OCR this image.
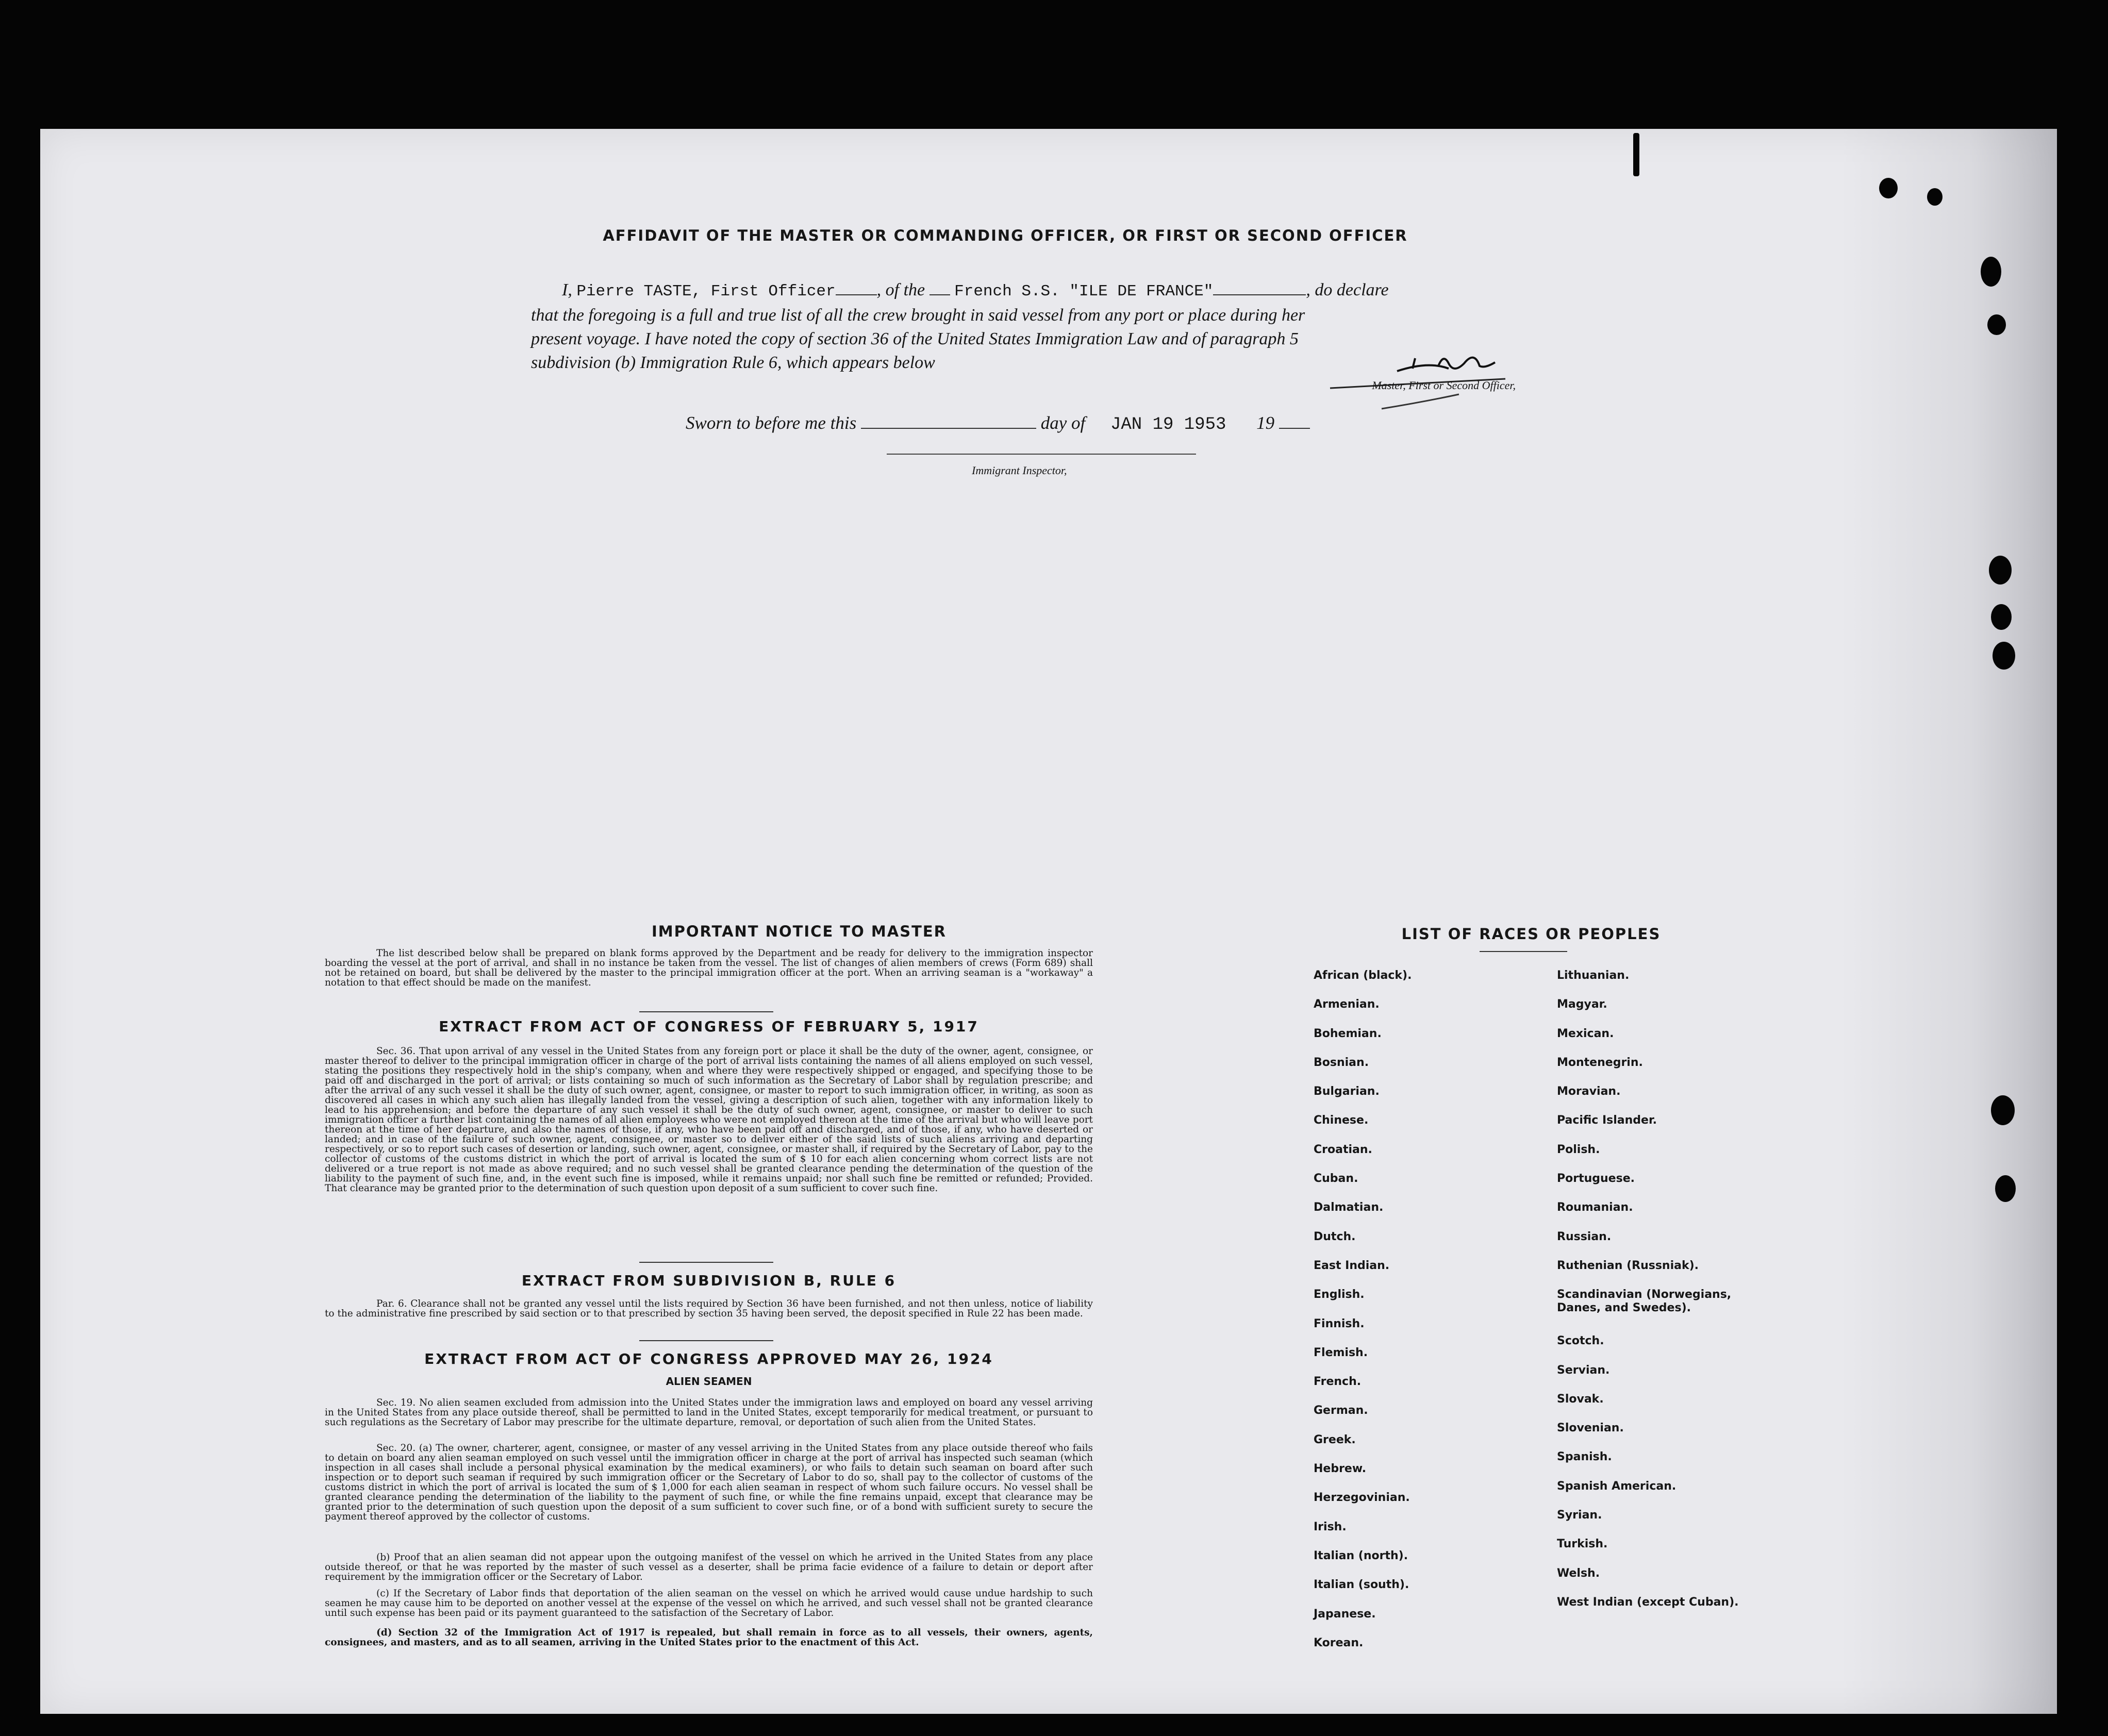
AFFIDAVIT OF THE MASTER OR COMMANDING OFFICER, OR FIRST OR SECOND OFFICER
I, Pierre TASTE, First Officer , of the French S.S. "ILE DE FRANCE"	, do declare
that the foregoing is a full and true list of all the crew brought in said vessel from any port or place during her
present voyage. I have noted the copy of section 36 of the United States Immigration Law and of paragraph 5
subdivision (b) Immigration Rule 6, which appears below
Master, First or Second Officer,
Sworn to before me this	day of JAN 19 1953 19
Immigrant Inspector,
IMPORTANT NOTICE TO MASTER
The list described below shall be prepared on blank forms approved by the Department and be ready for delivery to the immigration inspector boarding the vessel at the port of arrival, and shall in no instance be taken from the vessel. The list of changes of alien members of crews (Form 689) shall not be retained on board, but shall be delivered by the master to the principal immigration officer at the port. When an arriving seaman is a "workaway" a notation to that effect should be made on the manifest.
EXTRACT FROM ACT OF CONGRESS OF FEBRUARY 5, 1917
Sec. 36. That upon arrival of any vessel in the United States from any foreign port or place it shall be the duty of the owner, agent, consignee, or master thereof to deliver to the principal immigration officer in charge of the port of arrival lists containing the names of all aliens employed on such vessel, stating the positions they respectively hold in the ship's company, when and where they were respectively shipped or engaged, and specifying those to be paid off and discharged in the port of arrival; or lists containing so much of such information as the Secretary of Labor shall by regulation prescribe; and after the arrival of any such vessel it shall be the duty of such owner, agent, consignee, or master to report to such immigration officer, in writing, as soon as discovered all cases in which any such alien has illegally landed from the vessel, giving a description of such alien, together with any information likely to lead to his apprehension; and before the departure of any such vessel it shall be the duty of such owner, agent, consignee, or master to deliver to such immigration officer a further list containing the names of all alien employees who were not employed thereon at the time of the arrival but who will leave port thereon at the time of her departure, and also the names of those, if any, who have been paid off and discharged, and of those, if any, who have deserted or landed; and in case of the failure of such owner, agent, consignee, or master so to deliver either of the said lists of such aliens arriving and departing respectively, or so to report such cases of desertion or landing, such owner, agent, consignee, or master shall, if required by the Secretary of Labor, pay to the collector of customs of the customs district in which the port of arrival is located the sum of $ 10 for each alien concerning whom correct lists are not delivered or a true report is not made as above required; and no such vessel shall be granted clearance pending the determination of the question of the liability to the payment of such fine, and, in the event such fine is imposed, while it remains unpaid; nor shall such fine be remitted or refunded; Provided. That clearance may be granted prior to the determination of such question upon deposit of a sum sufficient to cover such fine.
EXTRACT FROM SUBDIVISION B, RULE 6
Par. 6. Clearance shall not be granted any vessel until the lists required by Section 36 have been furnished, and not then unless, notice of liability to the administrative fine prescribed by said section or to that prescribed by section 35 having been served, the deposit specified in Rule 22 has been made.
EXTRACT FROM ACT OF CONGRESS APPROVED MAY 26, 1924
ALIEN SEAMEN
Sec. 19. No alien seamen excluded from admission into the United States under the immigration laws and employed on board any vessel arriving in the United States from any place outside thereof, shall be permitted to land in the United States, except temporarily for medical treatment, or pursuant to such regulations as the Secretary of Labor may prescribe for the ultimate departure, removal, or deportation of such alien from the United States.
Sec. 20. (a) The owner, charterer, agent, consignee, or master of any vessel arriving in the United States from any place outside thereof who fails to detain on board any alien seaman employed on such vessel until the immigration officer in charge at the port of arrival has inspected such seaman (which inspection in all cases shall include a personal physical examination by the medical examiners), or who fails to detain such seaman on board after such inspection or to deport such seaman if required by such immigration officer or the Secretary of Labor to do so, shall pay to the collector of customs of the customs district in which the port of arrival is located the sum of $ 1,000 for each alien seaman in respect of whom such failure occurs. No vessel shall be granted clearance pending the determination of the liability to the payment of such fine, or while the fine remains unpaid, except that clearance may be granted prior to the determination of such question upon the deposit of a sum sufficient to cover such fine, or of a bond with sufficient surety to secure the payment thereof approved by the collector of customs.
(b) Proof that an alien seaman did not appear upon the outgoing manifest of the vessel on which he arrived in the United States from any place outside thereof, or that he was reported by the master of such vessel as a deserter, shall be prima facie evidence of a failure to detain or deport after requirement by the immigration officer or the Secretary of Labor.
(c) If the Secretary of Labor finds that deportation of the alien seaman on the vessel on which he arrived would cause undue hardship to such seamen he may cause him to be deported on another vessel at the expense of the vessel on which he arrived, and such vessel shall not be granted clearance until such expense has been paid or its payment guaranteed to the satisfaction of the Secretary of Labor.
(d) Section 32 of the Immigration Act of 1917 is repealed, but shall remain in force as to all vessels, their owners, agents, consignees, and masters, and as to all seamen, arriving in the United States prior to the enactment of this Act.
LIST OF RACES OR PEOPLES
African (black).
Armenian.
Bohemian.
Bosnian.
Bulgarian.
Chinese.
Croatian.
Cuban.
Dalmatian.
Dutch.
East Indian.
English.
Finnish.
Flemish.
French.
German.
Greek.
Hebrew.
Herzegovinian.
Irish.
Italian (north).
Italian (south).
Japanese.
Korean.
Lithuanian.
Magyar.
Mexican.
Montenegrin.
Moravian.
Pacific Islander.
Polish.
Portuguese.
Roumanian.
Russian.
Ruthenian (Russniak).
Scandinavian (Norwegians, Danes, and Swedes).
Scotch.
Servian.
Slovak.
Slovenian.
Spanish.
Spanish American.
Syrian.
Turkish.
Welsh.
West Indian (except Cuban).
